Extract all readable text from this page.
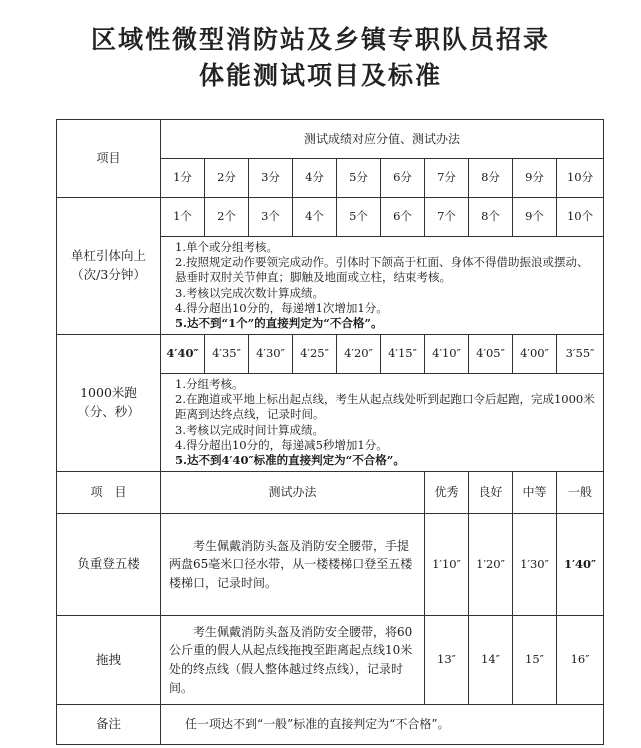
区域性微型消防站及乡镇专职队员招录
体能测试项目及标准
项目	测试成绩对应分值、测试办法									
	1分	2分	3分	4分	5分	6分	7分	8分	9分	10分

单杠引体向上
（次/3分钟）	1个	2个	3个	4个	5个	6个	7个	8个	9个	10个

	1.单个或分组考核。
2.按照规定动作要领完成动作。引体时下颌高于杠面、身体不得借助振浪或摆动、悬垂时双肘关节伸直；脚触及地面或立柱，结束考核。
3.考核以完成次数计算成绩。
4.得分超出10分的，每递增1次增加1分。
5.达不到“1个”的直接判定为“不合格”。									

1000米跑
（分、秒）	4′40″	4′35″	4′30″	4′25″	4′20″	4′15″	4′10″	4′05″	4′00″	3′55″

	1.分组考核。
2.在跑道或平地上标出起点线，考生从起点线处听到起跑口令后起跑，完成1000米距离到达终点线，记录时间。
3.考核以完成时间计算成绩。
4.得分超出10分的，每递减5秒增加1分。
5.达不到4′40″标准的直接判定为“不合格”。									

项　目	测试办法						优秀	良好	中等	一般
负重登五楼	　　考生佩戴消防头盔及消防安全腰带，手提两盘65毫米口径水带，从一楼楼梯口登至五楼楼梯口，记录时间。						1′10″	1′20″	1′30″	1′40″
拖拽	　　考生佩戴消防头盔及消防安全腰带，将60公斤重的假人从起点线拖拽至距离起点线10米处的终点线（假人整体越过终点线），记录时间。						13″	14″	15″	16″
备注	任一项达不到“一般”标准的直接判定为“不合格”。									
